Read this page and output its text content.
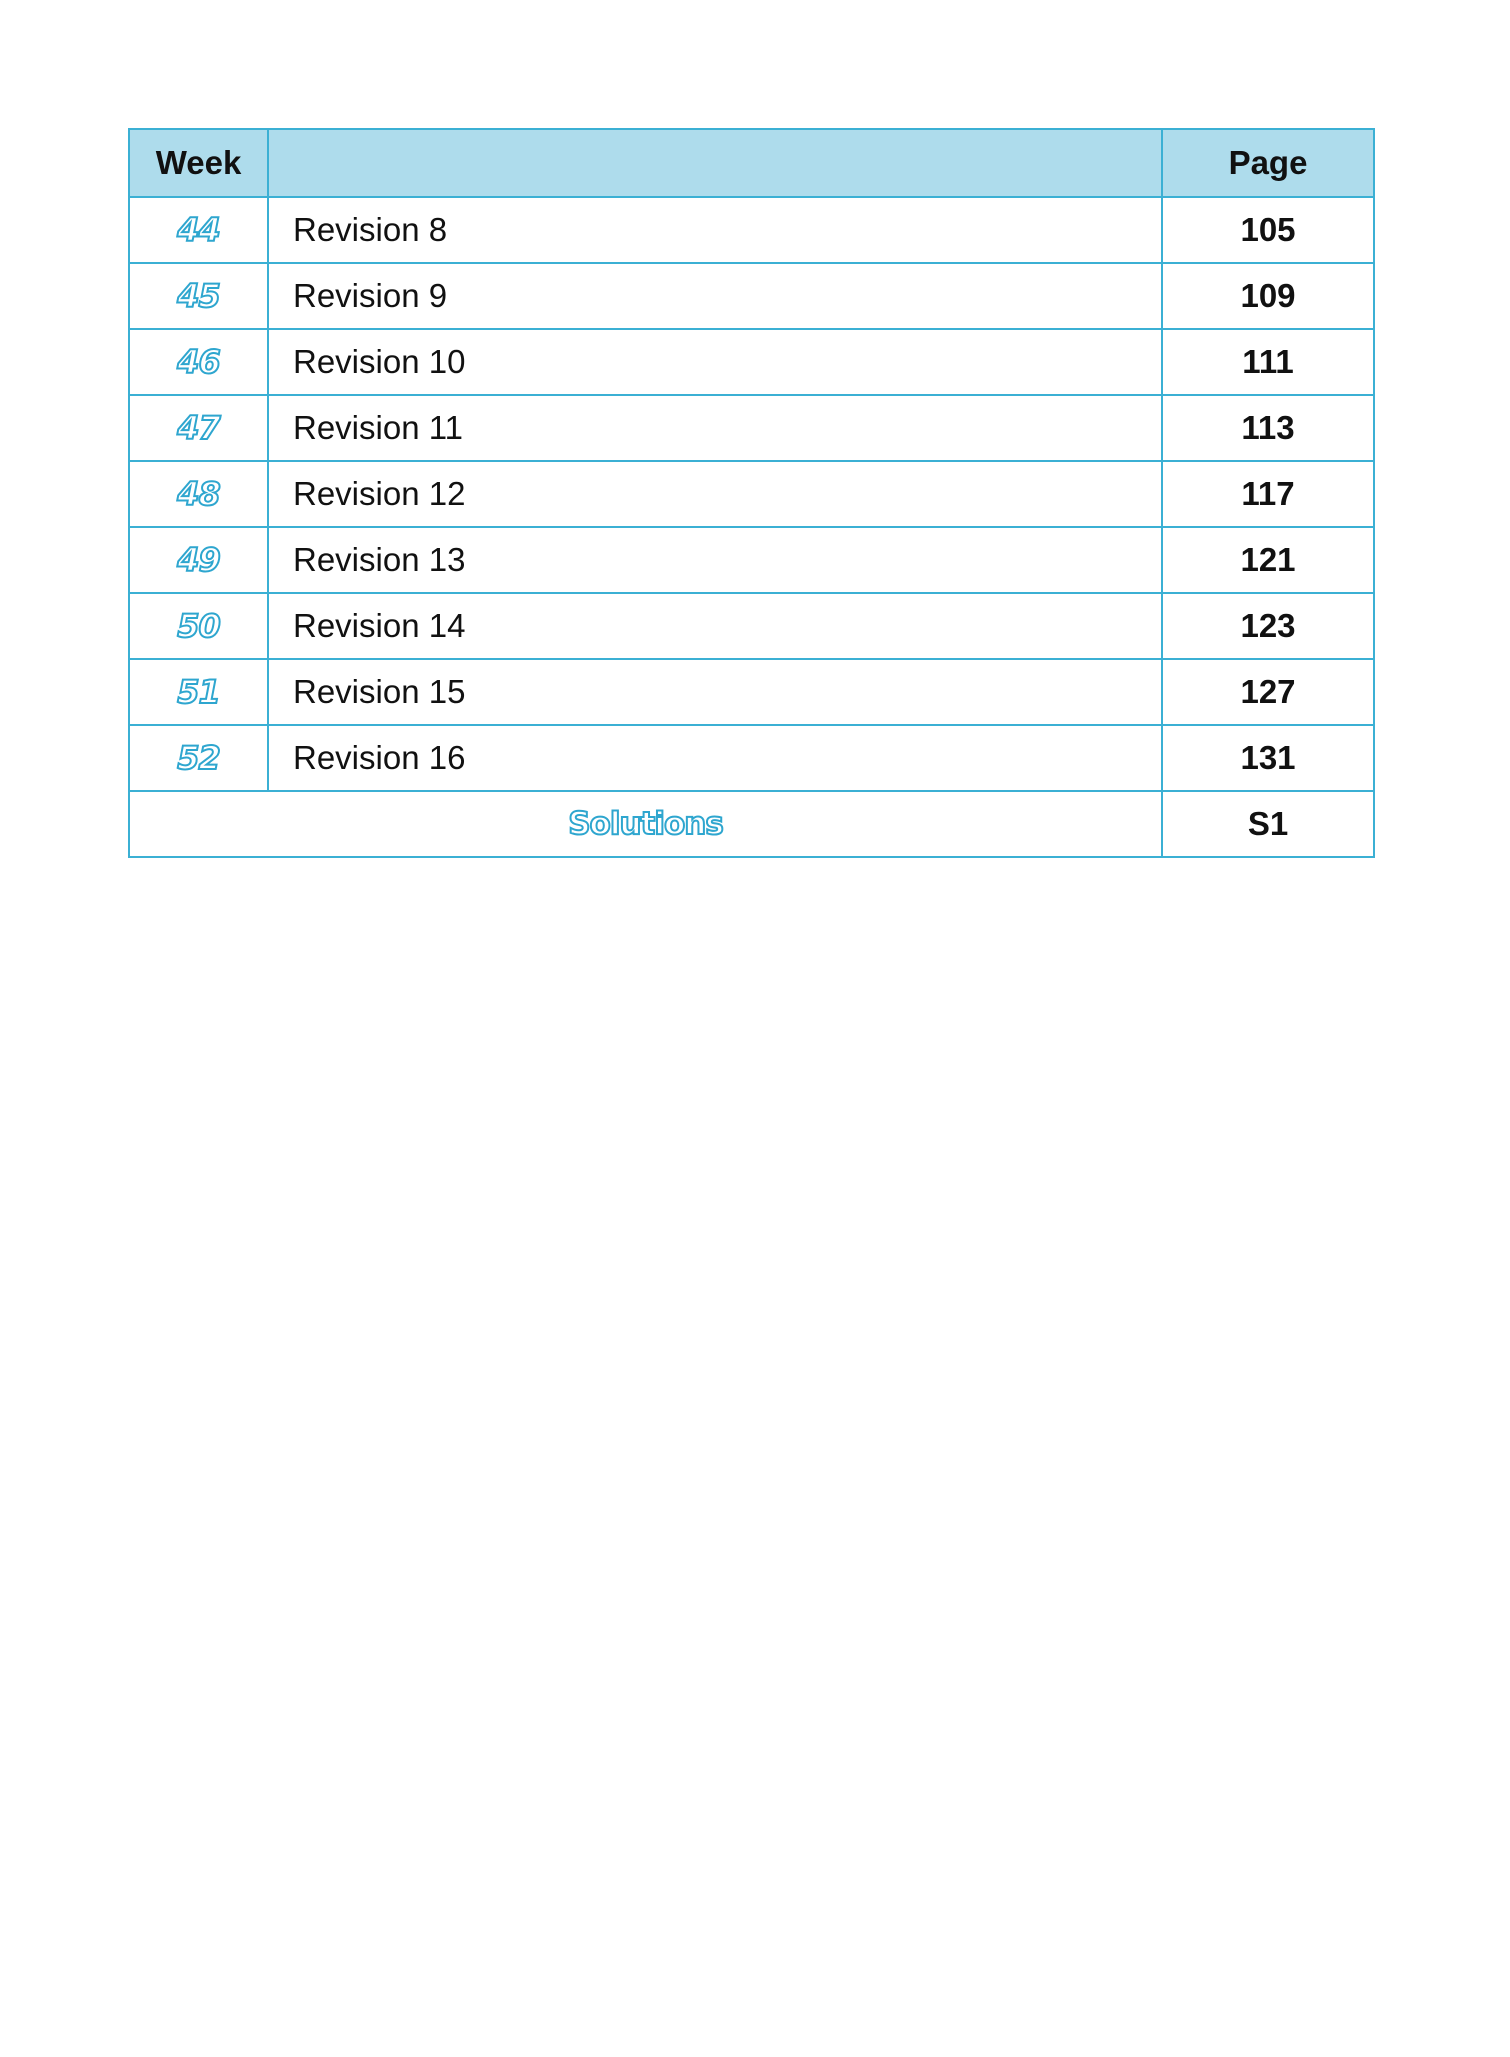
Week		Page
44	Revision 8	105
45	Revision 9	109
46	Revision 10	111
47	Revision 11	113
48	Revision 12	117
49	Revision 13	121
50	Revision 14	123
51	Revision 15	127
52	Revision 16	131
Solutions		S1
